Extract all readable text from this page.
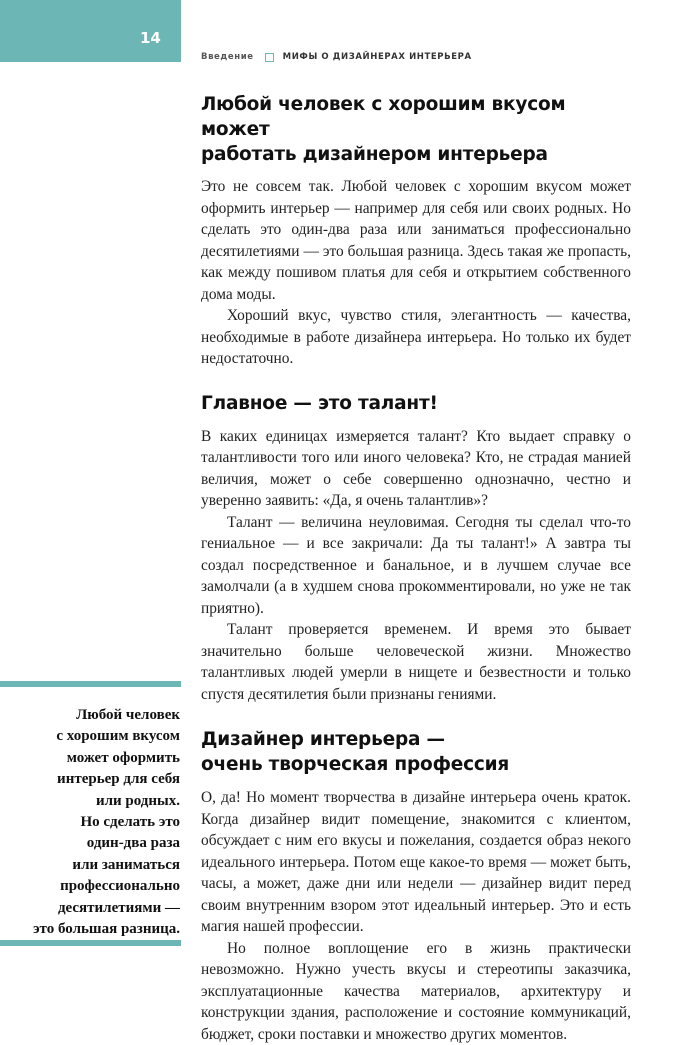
14
Введение	МИФЫ О ДИЗАЙНЕРАХ ИНТЕРЬЕРА
Любой человек с хорошим вкусом может
работать дизайнером интерьера

Это не совсем так. Любой человек с хорошим вкусом может оформить интерьер — например для себя или своих родных. Но сделать это один-два раза или заниматься профессионально десятилетиями — это большая разница. Здесь такая же пропасть, как между пошивом платья для себя и открытием собственного дома моды.

Хороший вкус, чувство стиля, элегантность — качества, необходимые в работе дизайнера интерьера. Но только их будет недостаточно.

Главное — это талант!

В каких единицах измеряется талант? Кто выдает справку о талантливости того или иного человека? Кто, не страдая манией величия, может о себе совершенно однозначно, честно и уверенно заявить: «Да, я очень талантлив»?

Талант — величина неуловимая. Сегодня ты сделал что-то гениальное — и все закричали: Да ты талант!» А завтра ты создал посредственное и банальное, и в лучшем случае все замолчали (а в худшем снова прокомментировали, но уже не так приятно).

Талант проверяется временем. И время это бывает значительно больше человеческой жизни. Множество талантливых людей умерли в нищете и безвестности и только спустя десятилетия были признаны гениями.

Дизайнер интерьера —
очень творческая профессия

О, да! Но момент творчества в дизайне интерьера очень краток. Когда дизайнер видит помещение, знакомится с клиентом, обсуждает с ним его вкусы и пожелания, создается образ некого идеального интерьера. Потом еще какое-то время — может быть, часы, а может, даже дни или недели — дизайнер видит перед своим внутренним взором этот идеальный интерьер. Это и есть магия нашей профессии.

Но полное воплощение его в жизнь практически невозможно. Нужно учесть вкусы и стереотипы заказчика, эксплуатационные качества материалов, архитектуру и конструкции здания, расположение и состояние коммуникаций, бюджет, сроки поставки и множество других моментов.

Любой человек
с хорошим вкусом
может оформить
интерьер для себя
или родных.
Но сделать это
один-два раза
или заниматься
профессионально
десятилетиями —
это большая разница.
